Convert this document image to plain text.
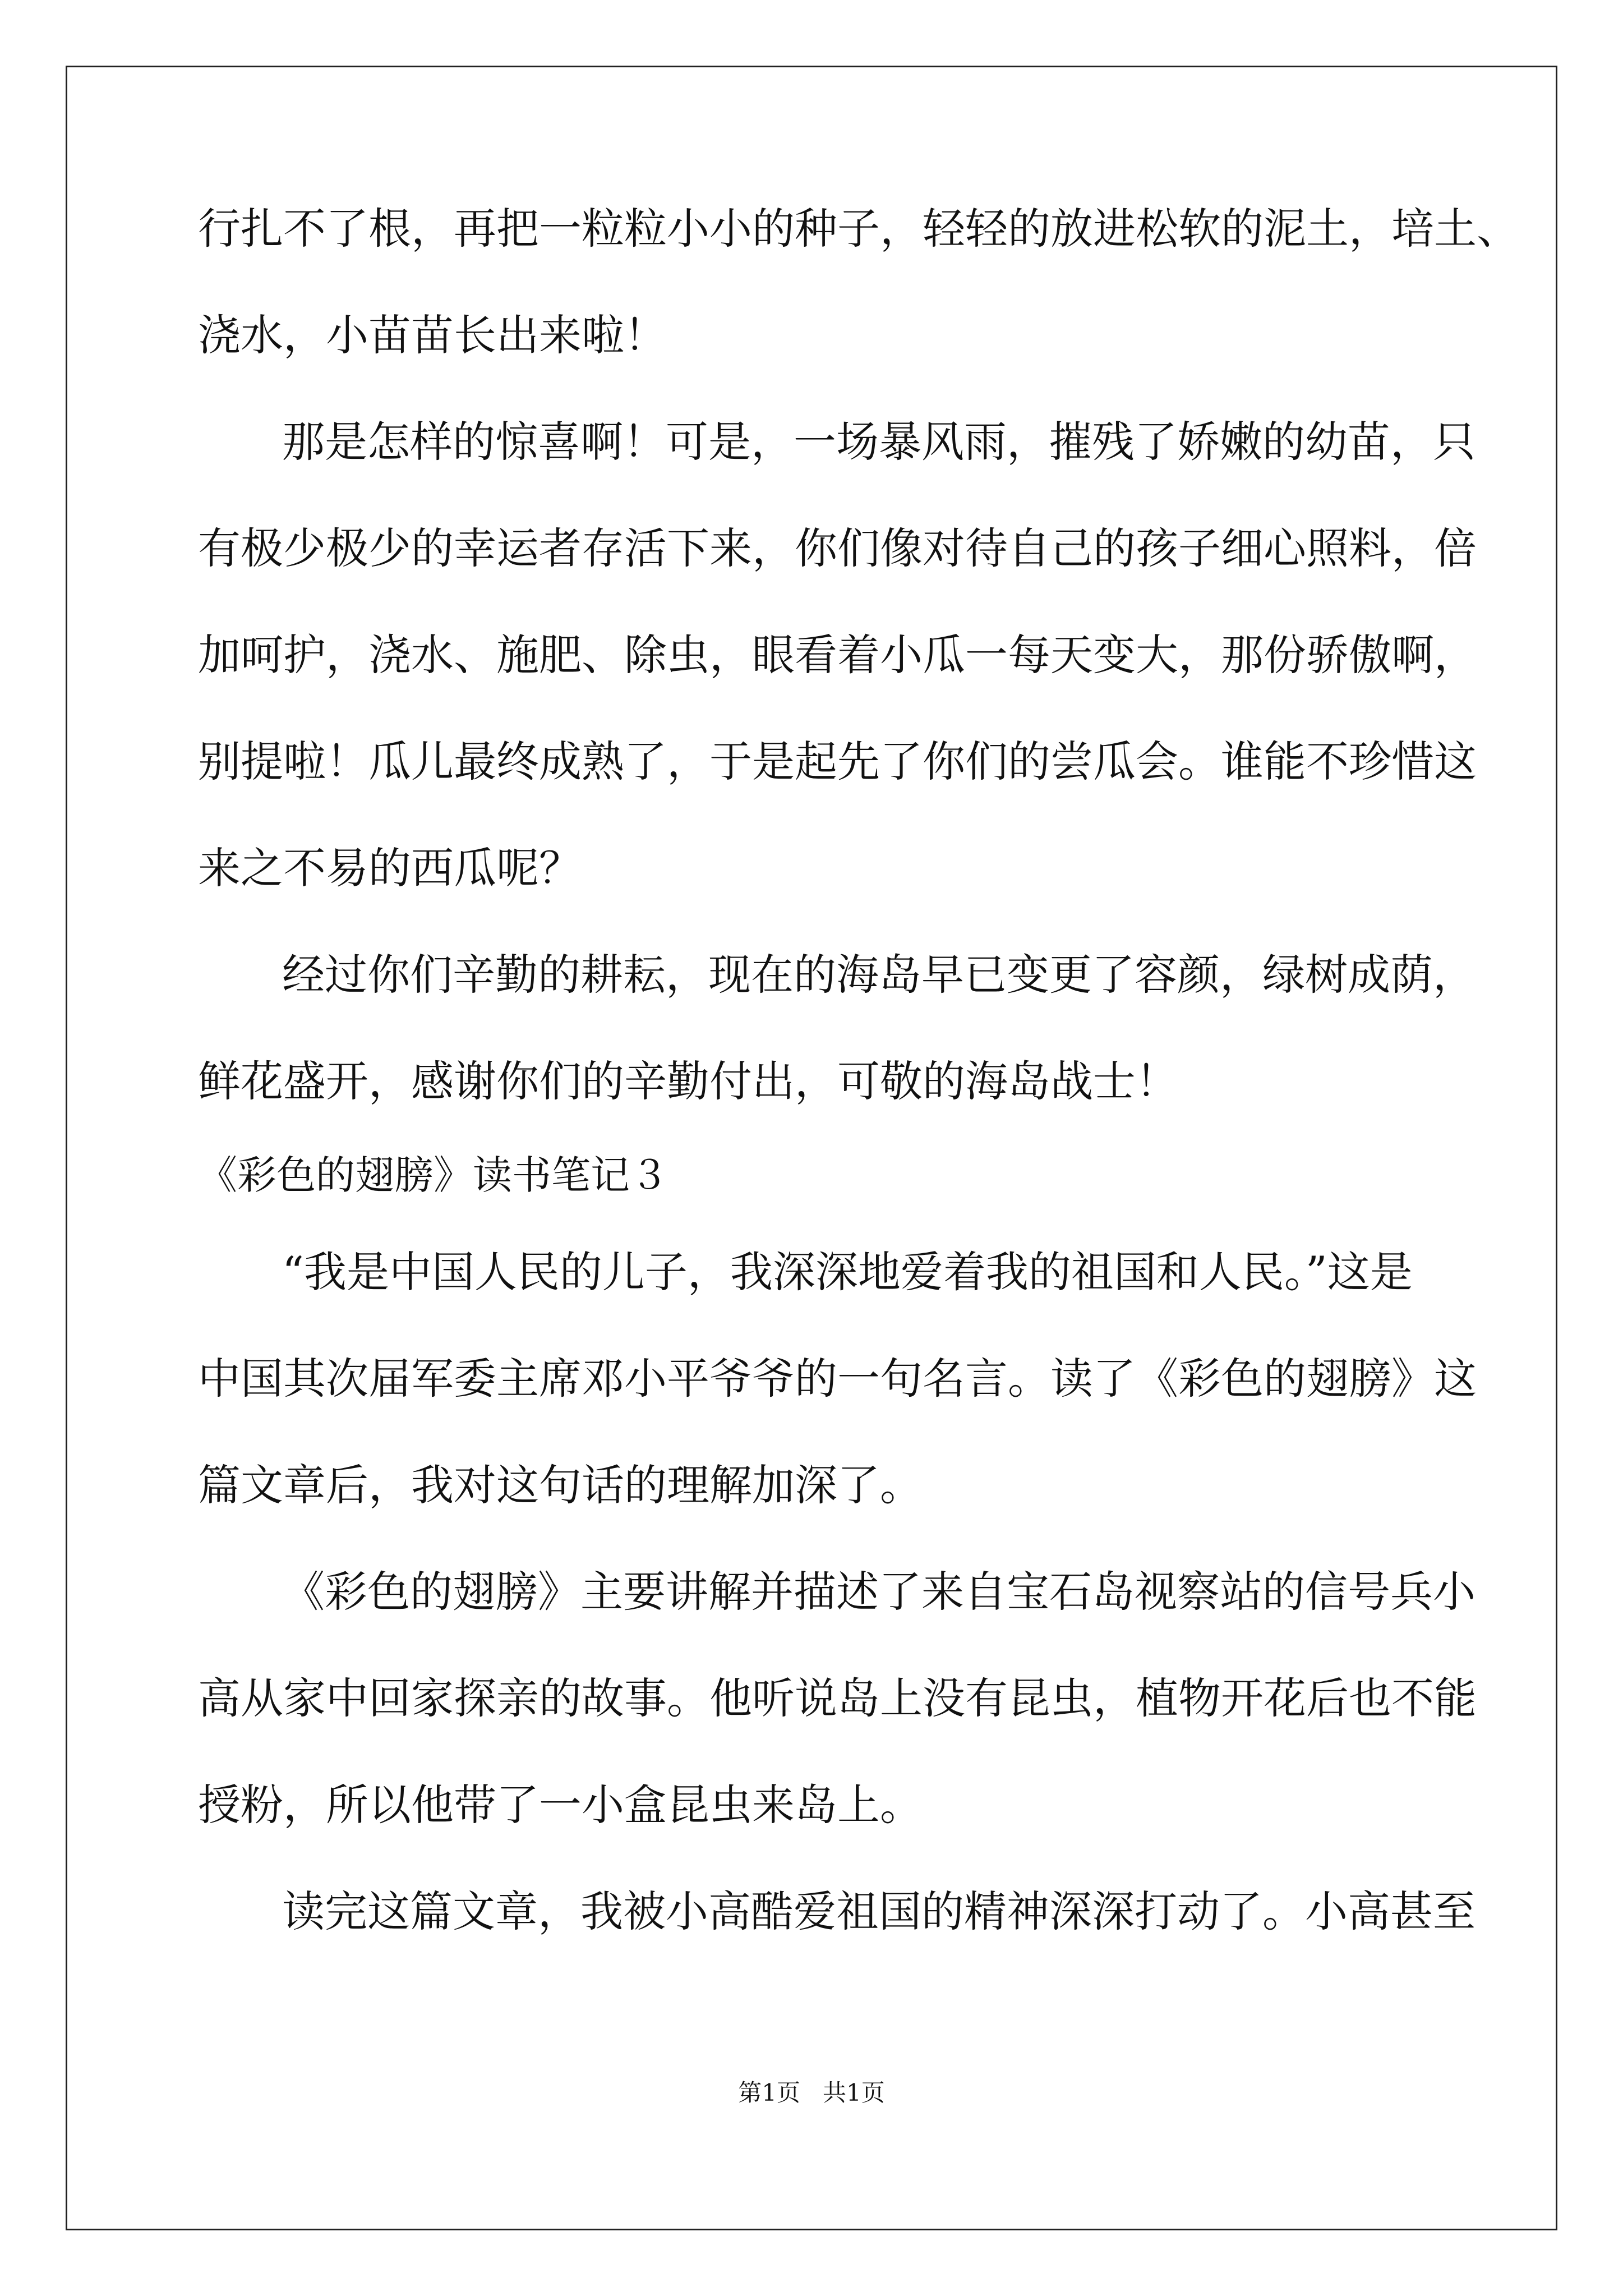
行扎不了根，再把一粒粒小小的种子，轻轻的放进松软的泥土，培土、
浇水，小苗苗长出来啦！
那是怎样的惊喜啊！可是，一场暴风雨，摧残了娇嫩的幼苗，只
有极少极少的幸运者存活下来，你们像对待自己的孩子细心照料，倍
加呵护，浇水、施肥、除虫，眼看着小瓜一每天变大，那份骄傲啊，
别提啦！瓜儿最终成熟了，于是起先了你们的尝瓜会。谁能不珍惜这
来之不易的西瓜呢？
经过你们辛勤的耕耘，现在的海岛早已变更了容颜，绿树成荫，
鲜花盛开，感谢你们的辛勤付出，可敬的海岛战士！
《彩色的翅膀》读书笔记３
“我是中国人民的儿子，我深深地爱着我的祖国和人民。”这是
中国其次届军委主席邓小平爷爷的一句名言。读了《彩色的翅膀》这
篇文章后，我对这句话的理解加深了。
《彩色的翅膀》主要讲解并描述了来自宝石岛视察站的信号兵小
高从家中回家探亲的故事。他听说岛上没有昆虫，植物开花后也不能
授粉，所以他带了一小盒昆虫来岛上。
读完这篇文章，我被小高酷爱祖国的精神深深打动了。小高甚至
第1页 共1页
